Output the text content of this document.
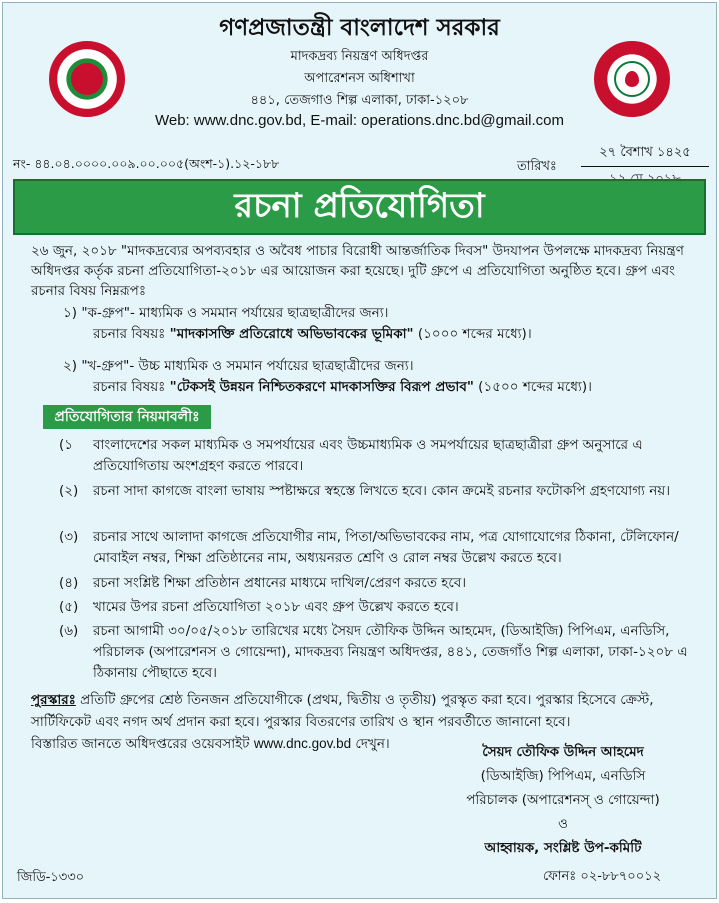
গণপ্রজাতন্ত্রী বাংলাদেশ সরকার
মাদকদ্রব্য নিয়ন্ত্রণ অধিদপ্তর
অপারেশনস অধিশাখা
৪৪১, তেজগাও শিল্প এলাকা, ঢাকা-১২০৮
Web: www.dnc.gov.bd, E-mail: operations.dnc.bd@gmail.com
নং- ৪৪.০৪.০০০০.০০৯.০০.০০৫(অংশ-১).১২-১৮৮	তারিখঃ
২৭ বৈশাখ ১৪২৫
রচনা প্রতিযোগিতা
২৬ জুন, ২০১৮ "মাদকদ্রব্যের অপব্যবহার ও অবৈধ পাচার বিরোধী আন্তর্জাতিক দিবস" উদযাপন উপলক্ষে মাদকদ্রব্য নিয়ন্ত্রণ অধিদপ্তর কর্তৃক রচনা প্রতিযোগিতা-২০১৮ এর আয়োজন করা হয়েছে। দুটি গ্রুপে এ প্রতিযোগিতা অনুষ্ঠিত হবে। গ্রুপ এবং রচনার বিষয় নিম্নরূপঃ
১) "ক-গ্রুপ"- মাধ্যমিক ও সমমান পর্যায়ের ছাত্রছাত্রীদের জন্য।
রচনার বিষয়ঃ "মাদকাসক্তি প্রতিরোধে অভিভাবকের ভূমিকা" (১০০০ শব্দের মধ্যে)।
২) "খ-গ্রুপ"- উচ্চ মাধ্যমিক ও সমমান পর্যায়ের ছাত্রছাত্রীদের জন্য।
রচনার বিষয়ঃ "টেকসই উন্নয়ন নিশ্চিতকরণে মাদকাসক্তির বিরূপ প্রভাব" (১৫০০ শব্দের মধ্যে)।
প্রতিযোগিতার নিয়মাবলীঃ
(১ বাংলাদেশের সকল মাধ্যমিক ও সমপর্যায়ের এবং উচ্চমাধ্যমিক ও সমপর্যায়ের ছাত্রছাত্রীরা গ্রুপ অনুসারে এ প্রতিযোগিতায় অংশগ্রহণ করতে পারবে।
(২) রচনা সাদা কাগজে বাংলা ভাষায় স্পষ্টাক্ষরে স্বহস্তে লিখতে হবে। কোন ক্রমেই রচনার ফটোকপি গ্রহণযোগ্য নয়।
(৩) রচনার সাথে আলাদা কাগজে প্রতিযোগীর নাম, পিতা/অভিভাবকের নাম, পত্র যোগাযোগের ঠিকানা, টেলিফোন/মোবাইল নম্বর, শিক্ষা প্রতিষ্ঠানের নাম, অধ্যয়নরত শ্রেণি ও রোল নম্বর উল্লেখ করতে হবে।
(৪) রচনা সংশ্লিষ্ট শিক্ষা প্রতিষ্ঠান প্রধানের মাধ্যমে দাখিল/প্রেরণ করতে হবে।
(৫) খামের উপর রচনা প্রতিযোগিতা ২০১৮ এবং গ্রুপ উল্লেখ করতে হবে।
(৬) রচনা আগামী ৩০/০৫/২০১৮ তারিখের মধ্যে সৈয়দ তৌফিক উদ্দিন আহমেদ, (ডিআইজি) পিপিএম, এনডিসি, পরিচালক (অপারেশনস ও গোয়েন্দা), মাদকদ্রব্য নিয়ন্ত্রণ অধিদপ্তর, ৪৪১, তেজগাঁও শিল্প এলাকা, ঢাকা-১২০৮ এ ঠিকানায় পৌছাতে হবে।
পুরস্কারঃ প্রতিটি গ্রুপের শ্রেষ্ঠ তিনজন প্রতিযোগীকে (প্রথম, দ্বিতীয় ও তৃতীয়) পুরস্কৃত করা হবে। পুরস্কার হিসেবে ক্রেস্ট, সার্টিফিকেট এবং নগদ অর্থ প্রদান করা হবে। পুরস্কার বিতরণের তারিখ ও স্থান পরবর্তীতে জানানো হবে।
বিস্তারিত জানতে অধিদপ্তরের ওয়েবসাইট www.dnc.gov.bd দেখুন।	সৈয়দ তৌফিক উদ্দিন আহমেদ
(ডিআইজি) পিপিএম, এনডিসি
পরিচালক (অপারেশনস্ ও গোয়েন্দা)
ও
আহ্বায়ক, সংশ্লিষ্ট উপ-কমিটি
জিডি-১৩৩০	ফোনঃ ০২-৮৮৭০০১২
